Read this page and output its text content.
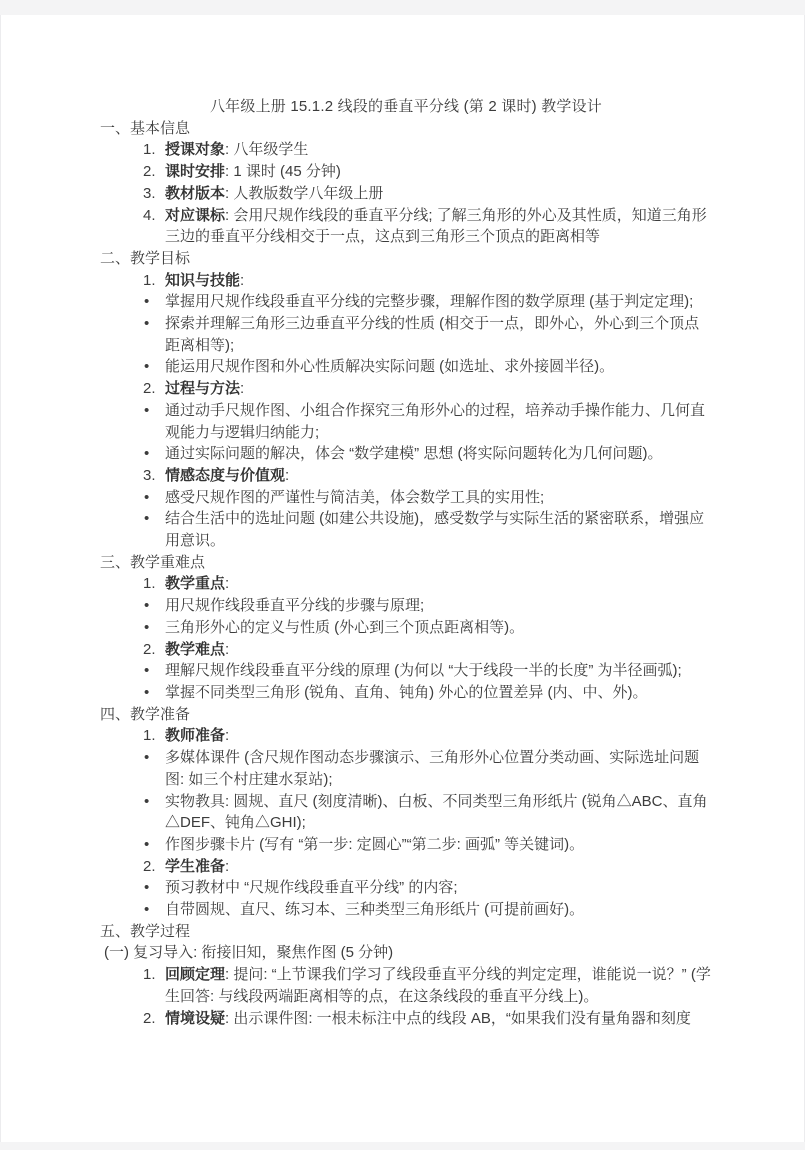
八年级上册 15.1.2 线段的垂直平分线 (第 2 课时) 教学设计
一、基本信息
1. 授课对象: 八年级学生
2. 课时安排: 1 课时 (45 分钟)
3. 教材版本: 人教版数学八年级上册
4. 对应课标: 会用尺规作线段的垂直平分线; 了解三角形的外心及其性质，知道三角形三边的垂直平分线相交于一点，这点到三角形三个顶点的距离相等
二、教学目标
1. 知识与技能:
• 掌握用尺规作线段垂直平分线的完整步骤，理解作图的数学原理 (基于判定定理);
• 探索并理解三角形三边垂直平分线的性质 (相交于一点，即外心，外心到三个顶点距离相等);
• 能运用尺规作图和外心性质解决实际问题 (如选址、求外接圆半径)。
2. 过程与方法:
• 通过动手尺规作图、小组合作探究三角形外心的过程，培养动手操作能力、几何直观能力与逻辑归纳能力;
• 通过实际问题的解决，体会 “数学建模” 思想 (将实际问题转化为几何问题)。
3. 情感态度与价值观:
• 感受尺规作图的严谨性与简洁美，体会数学工具的实用性;
• 结合生活中的选址问题 (如建公共设施)，感受数学与实际生活的紧密联系，增强应用意识。
三、教学重难点
1. 教学重点:
• 用尺规作线段垂直平分线的步骤与原理;
• 三角形外心的定义与性质 (外心到三个顶点距离相等)。
2. 教学难点:
• 理解尺规作线段垂直平分线的原理 (为何以 “大于线段一半的长度” 为半径画弧);
• 掌握不同类型三角形 (锐角、直角、钝角) 外心的位置差异 (内、中、外)。
四、教学准备
1. 教师准备:
• 多媒体课件 (含尺规作图动态步骤演示、三角形外心位置分类动画、实际选址问题图: 如三个村庄建水泵站);
• 实物教具: 圆规、直尺 (刻度清晰)、白板、不同类型三角形纸片 (锐角△ABC、直角△DEF、钝角△GHI);
• 作图步骤卡片 (写有 “第一步: 定圆心”“第二步: 画弧” 等关键词)。
2. 学生准备:
• 预习教材中 “尺规作线段垂直平分线” 的内容;
• 自带圆规、直尺、练习本、三种类型三角形纸片 (可提前画好)。
五、教学过程
(一) 复习导入: 衔接旧知，聚焦作图 (5 分钟)
1. 回顾定理: 提问: “上节课我们学习了线段垂直平分线的判定定理，谁能说一说？” (学生回答: 与线段两端距离相等的点，在这条线段的垂直平分线上)。
2. 情境设疑: 出示课件图: 一根未标注中点的线段 AB，“如果我们没有量角器和刻度
